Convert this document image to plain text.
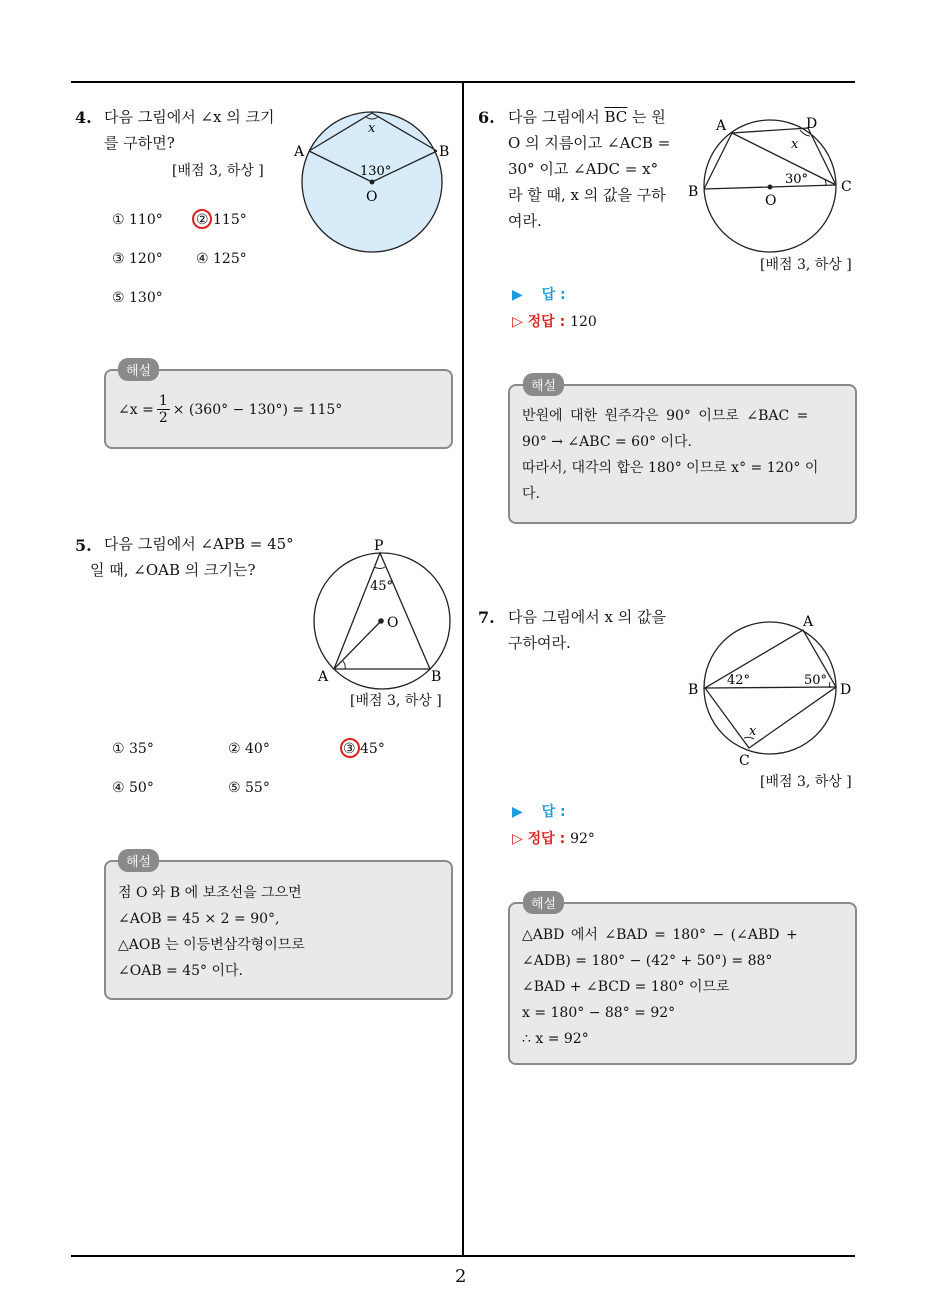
2
4. 다음 그림에서 ∠x 의 크기
를 구하면?
[배점 3, 하상 ]
A	B
x
130°
O
① 110° ② 115°
③ 120° ④ 125°
⑤ 130°
∠x = $\frac{1}{2} \times (360^\circ - 130^\circ) = 115^\circ$
해설
5. 다음 그림에서 ∠APB = 45°
일 때, ∠OAB 의 크기는?
P
45°
O
A	B
[배점 3, 하상 ]
① 35°	② 40°	③ 45°
④ 50°	⑤ 55°
점 O 와 B 에 보조선을 그으면
∠AOB = 45 × 2 = 90°,
△AOB 는 이등변삼각형이므로
∠OAB = 45° 이다.
해설
6. 다음 그림에서 $\overline{BC}$ 는 원
O 의 지름이고 ∠ACB =
30° 이고 ∠ADC = x°
라 할 때, x 의 값을 구하
여라.
A	D
x
30°
B	C
O
[배점 3, 하상 ]
▶ 답 :
▷ 정답 : 120
반원에 대한 원주각은 90° 이므로 ∠BAC =
90° → ∠ABC = 60° 이다.
따라서, 대각의 합은 180° 이므로 x° = 120° 이
다.
해설
7. 다음 그림에서 x 의 값을
구하여라.
A
42°	50°
B	D
x
C
[배점 3, 하상 ]
▶ 답 :
▷ 정답 : 92°
△ABD 에서 ∠BAD = 180° − (∠ABD +
∠ADB) = 180° − (42° + 50°) = 88°
∠BAD + ∠BCD = 180° 이므로
x = 180° − 88° = 92°
∴ x = 92°
해설
